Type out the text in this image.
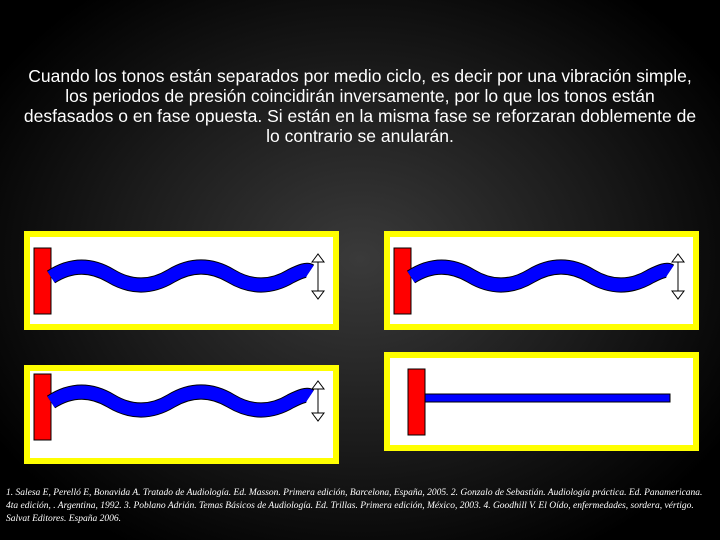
Cuando los tonos están separados por medio ciclo, es decir por una vibración simple, los periodos de presión coincidirán inversamente, por lo que los tonos están desfasados o en fase opuesta. Si están en la misma fase se reforzaran doblemente de lo contrario se anularán.

1. Salesa E, Perelló E, Bonavida A. Tratado de Audiología. Ed. Masson. Primera edición, Barcelona, España, 2005. 2. Gonzalo de Sebastián. Audiología práctica. Ed. Panamericana. 4ta edición, . Argentina, 1992. 3. Poblano Adrián. Temas Básicos de Audiología. Ed. Trillas. Primera edición, México, 2003. 4. Goodhill V. El Oído, enfermedades, sordera, vértigo. Salvat Editores. España 2006.
